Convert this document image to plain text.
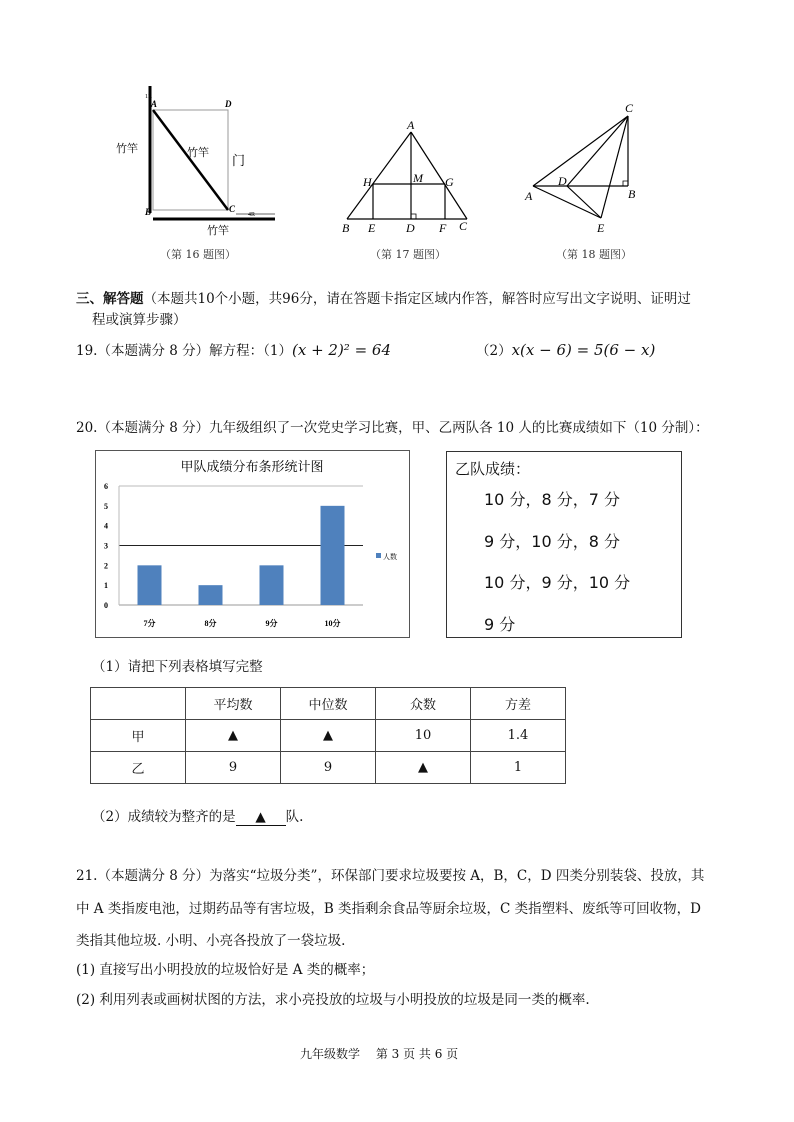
1R
A	D
B	C
4R
竹竿	竹竿 门
竹竿
（第 16 题图）
A
H	M G
B E	D F C
C
B
A
D
E
（第 17 题图）	（第 18 题图）
三、解答题（本题共10个小题，共96分，请在答题卡指定区域内作答，解答时应写出文字说明、证明过
程或演算步骤）
19.（本题满分 8 分）解方程：（1）(x + 2)² = 64	（2）x(x − 6) = 5(6 − x)
20.（本题满分 8 分）九年级组织了一次党史学习比赛，甲、乙两队各 10 人的比赛成绩如下（10 分制）：
甲队成绩分布条形统计图
0
1
2
3
4
5
6
7分	8分	9分	10分
人数
乙队成绩：
10 分，8 分，7 分
9 分，10 分，8 分
10 分，9 分，10 分
9 分
（1）请把下列表格填写完整
	平均数	中位数	众数	方差
甲	▲	▲	10	1.4
乙	9	9	▲	1
（2）成绩较为整齐的是 ▲ 队.
21.（本题满分 8 分）为落实“垃圾分类”，环保部门要求垃圾要按 A，B，C，D 四类分别装袋、投放，其
中 A 类指废电池，过期药品等有害垃圾，B 类指剩余食品等厨余垃圾，C 类指塑料、废纸等可回收物，D
类指其他垃圾. 小明、小亮各投放了一袋垃圾.
(1) 直接写出小明投放的垃圾恰好是 A 类的概率；
(2) 利用列表或画树状图的方法，求小亮投放的垃圾与小明投放的垃圾是同一类的概率.
九年级数学　 第 3 页 共 6 页
